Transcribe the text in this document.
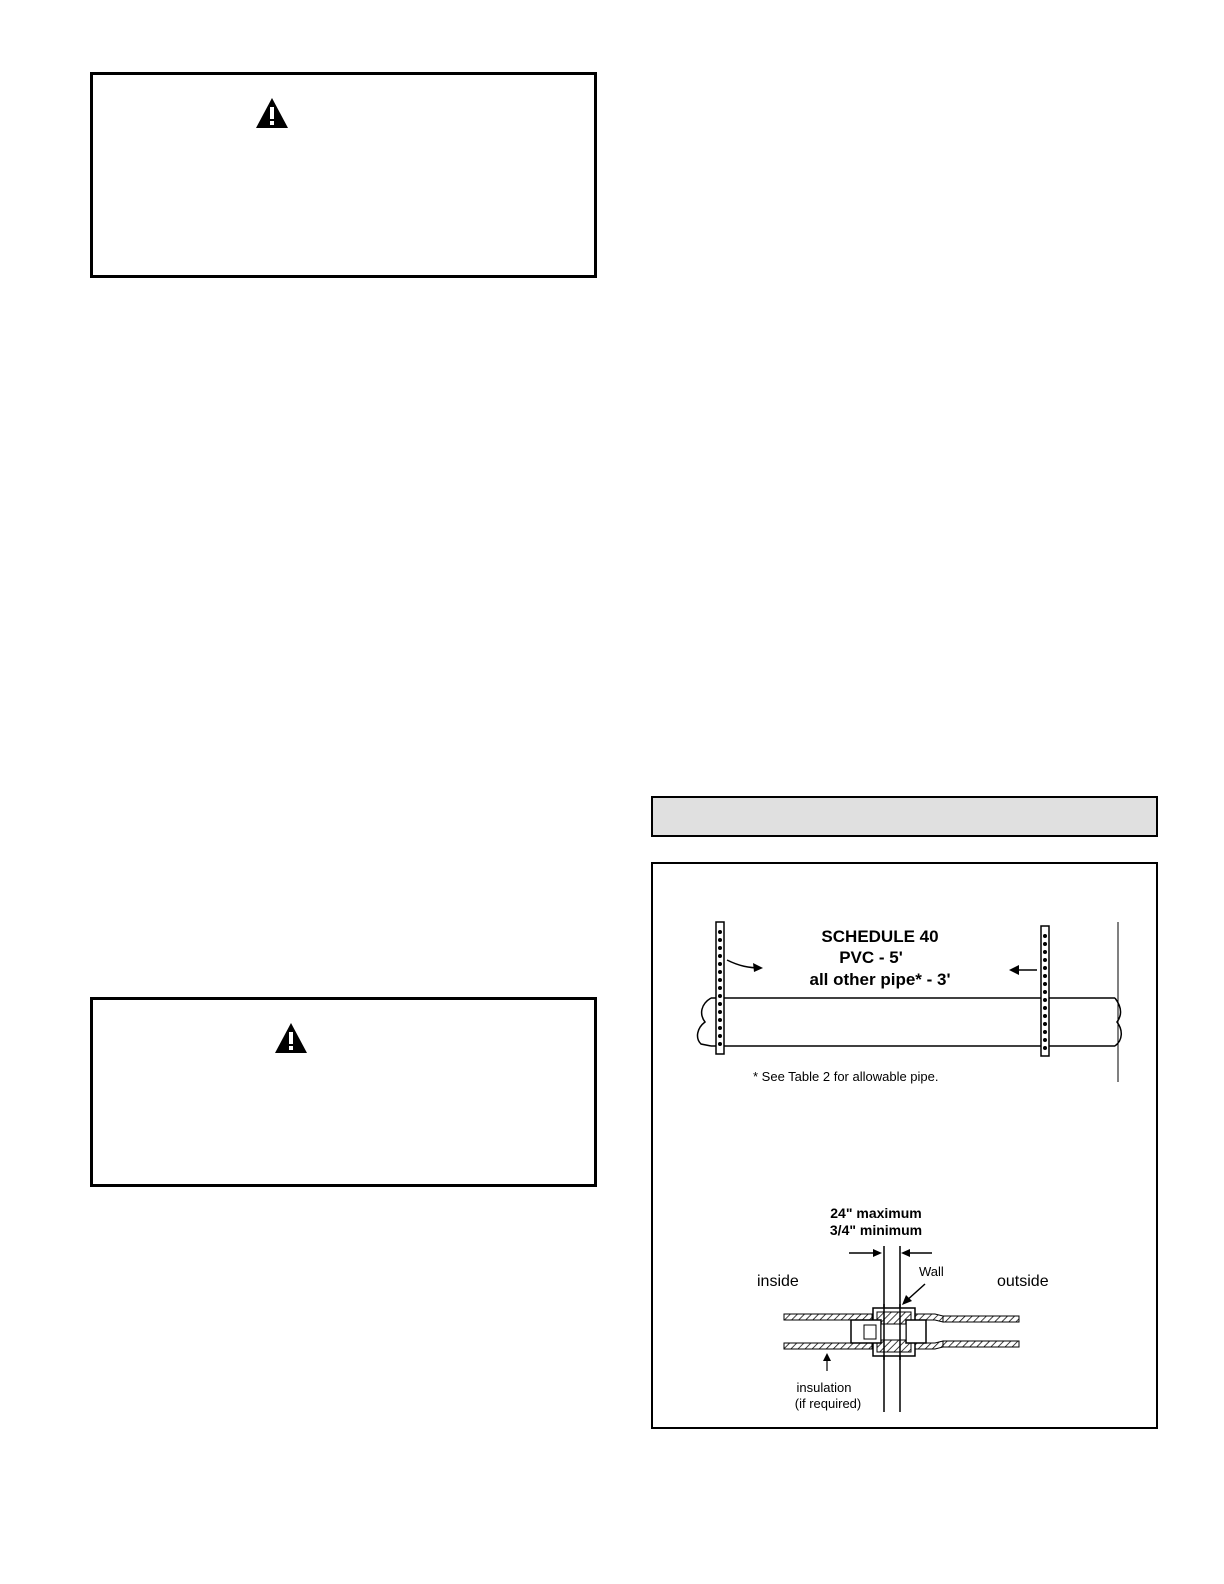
SCHEDULE 40
PVC - 5'
all other pipe* - 3'
* See Table 2 for allowable pipe.
24" maximum
3/4" minimum
inside	outside
Wall
insulation
(if required)
